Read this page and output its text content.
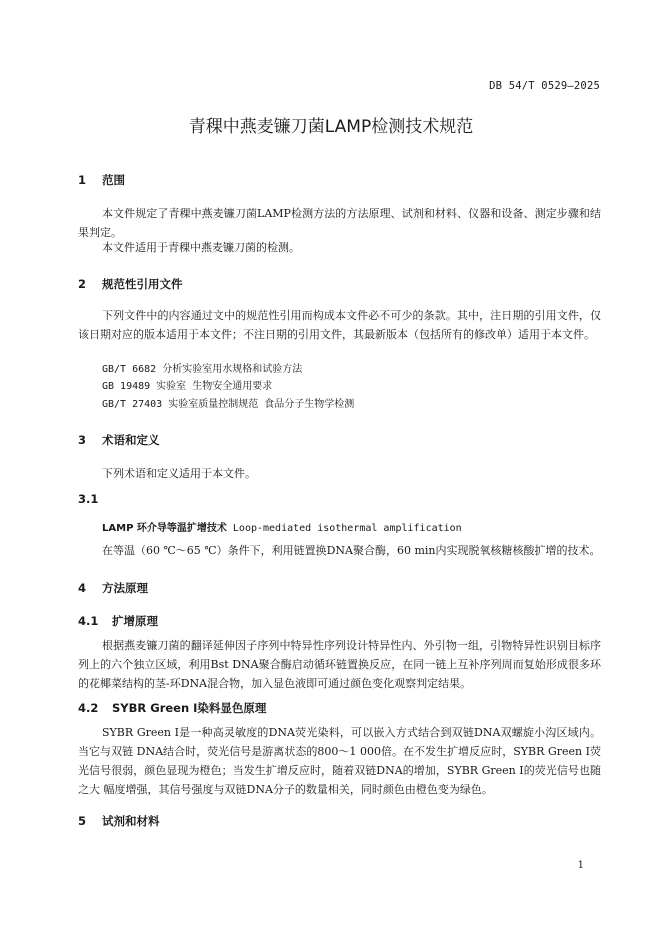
DB 54/T 0529—2025
青稞中燕麦镰刀菌LAMP检测技术规范
1 范围
本文件规定了青稞中燕麦镰刀菌LAMP检测方法的方法原理、试剂和材料、仪器和设备、测定步骤和结果判定。
本文件适用于青稞中燕麦镰刀菌的检测。
2 规范性引用文件
下列文件中的内容通过文中的规范性引用而构成本文件必不可少的条款。其中，注日期的引用文件，仅该日期对应的版本适用于本文件；不注日期的引用文件，其最新版本（包括所有的修改单）适用于本文件。
GB/T 6682 分析实验室用水规格和试验方法
GB 19489 实验室 生物安全通用要求
GB/T 27403 实验室质量控制规范 食品分子生物学检测
3 术语和定义
下列术语和定义适用于本文件。
3.1
LAMP 环介导等温扩增技术 Loop-mediated isothermal amplification
在等温（60 ℃～65 ℃）条件下，利用链置换DNA聚合酶，60 min内实现脱氧核糖核酸扩增的技术。
4 方法原理
4.1 扩增原理
根据燕麦镰刀菌的翻译延伸因子序列中特异性序列设计特异性内、外引物一组，引物特异性识别目标序列上的六个独立区域，利用Bst DNA聚合酶启动循环链置换反应，在同一链上互补序列周而复始形成很多环的花椰菜结构的茎-环DNA混合物，加入显色液即可通过颜色变化观察判定结果。
4.2 SYBR Green Ⅰ染料显色原理
SYBR Green Ⅰ是一种高灵敏度的DNA荧光染料，可以嵌入方式结合到双链DNA双螺旋小沟区域内。当它与双链 DNA结合时，荧光信号是游离状态的800～1 000倍。在不发生扩增反应时，SYBR Green Ⅰ荧光信号很弱，颜色显现为橙色；当发生扩增反应时，随着双链DNA的增加，SYBR Green Ⅰ的荧光信号也随之大 幅度增强，其信号强度与双链DNA分子的数量相关，同时颜色由橙色变为绿色。
5 试剂和材料
1
